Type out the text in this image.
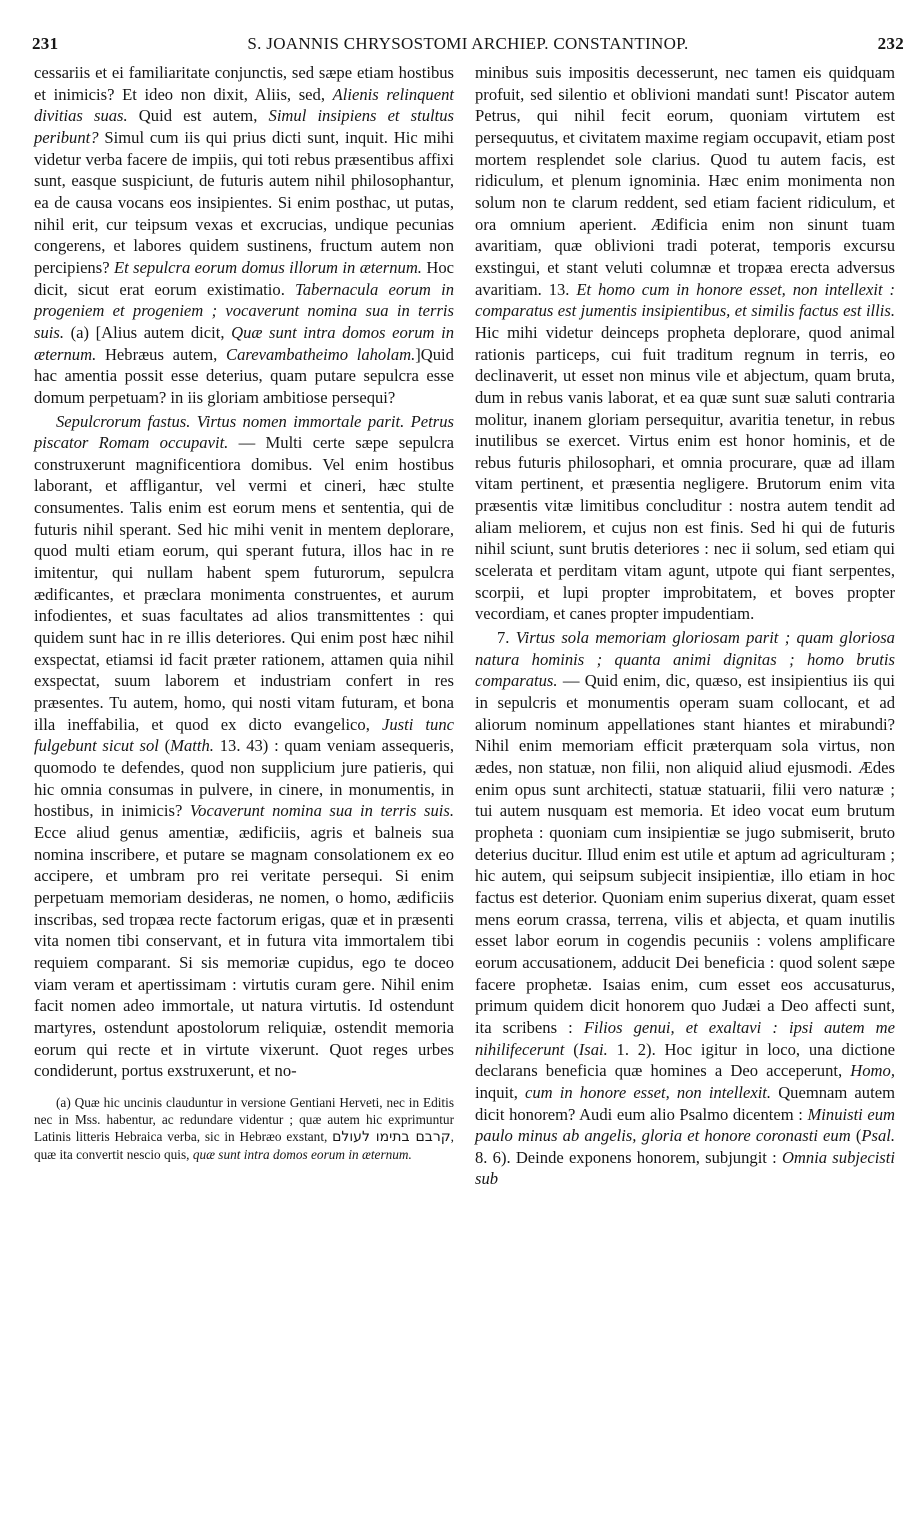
231	S. JOANNIS CHRYSOSTOMI ARCHIEP. CONSTANTINOP.	232

cessariis et ei familiaritate conjunctis, sed sæpe etiam hostibus et inimicis? Et ideo non dixit, Aliis, sed, Alienis relinquent divitias suas. Quid est autem, Simul insipiens et stultus peribunt? Simul cum iis qui prius dicti sunt, inquit. Hic mihi videtur verba facere de impiis, qui toti rebus præsentibus affixi sunt, easque suspiciunt, de futuris autem nihil philosophantur, ea de causa vocans eos insipientes. Si enim posthac, ut putas, nihil erit, cur teipsum vexas et excrucias, undique pecunias congerens, et labores quidem sustinens, fructum autem non percipiens? Et sepulcra eorum domus illorum in æternum. Hoc dicit, sicut erat eorum existimatio. Tabernacula eorum in progeniem et progeniem ; vocaverunt nomina sua in terris suis. (a) [Alius autem dicit, Quæ sunt intra domos eorum in æternum. Hebræus autem, Carevambatheimo laholam.]Quid hac amentia possit esse deterius, quam putare sepulcra esse domum perpetuam? in iis gloriam ambitiose persequi?

Sepulcrorum fastus. Virtus nomen immortale parit. Petrus piscator Romam occupavit. — Multi certe sæpe sepulcra construxerunt magnificentiora domibus. Vel enim hostibus laborant, et affligantur, vel vermi et cineri, hæc stulte consumentes. Talis enim est eorum mens et sententia, qui de futuris nihil sperant. Sed hic mihi venit in mentem deplorare, quod multi etiam eorum, qui sperant futura, illos hac in re imitentur, qui nullam habent spem futurorum, sepulcra ædificantes, et præclara monimenta construentes, et aurum infodientes, et suas facultates ad alios transmittentes : qui quidem sunt hac in re illis deteriores. Qui enim post hæc nihil exspectat, etiamsi id facit præter rationem, attamen quia nihil exspectat, suum laborem et industriam confert in res præsentes. Tu autem, homo, qui nosti vitam futuram, et bona illa ineffabilia, et quod ex dicto evangelico, Justi tunc fulgebunt sicut sol (Matth. 13. 43) : quam veniam assequeris, quomodo te defendes, quod non supplicium jure patieris, qui hic omnia consumas in pulvere, in cinere, in monumentis, in hostibus, in inimicis? Vocaverunt nomina sua in terris suis. Ecce aliud genus amentiæ, ædificiis, agris et balneis sua nomina inscribere, et putare se magnam consolationem ex eo accipere, et umbram pro rei veritate persequi. Si enim perpetuam memoriam desideras, ne nomen, o homo, ædificiis inscribas, sed tropæa recte factorum erigas, quæ et in præsenti vita nomen tibi conservant, et in futura vita immortalem tibi requiem comparant. Si sis memoriæ cupidus, ego te doceo viam veram et apertissimam : virtutis curam gere. Nihil enim facit nomen adeo immortale, ut natura virtutis. Id ostendunt martyres, ostendunt apostolorum reliquiæ, ostendit memoria eorum qui recte et in virtute vixerunt. Quot reges urbes condiderunt, portus exstruxerunt, et no-

(a) Quæ hic uncinis clauduntur in versione Gentiani Herveti, nec in Editis nec in Mss. habentur, ac redundare videntur ; quæ autem hic exprimuntur Latinis litteris Hebraica verba, sic in Hebræo exstant, קרבם בתימו לעולם, quæ ita convertit nescio quis, quæ sunt intra domos eorum in æternum.

minibus suis impositis decesserunt, nec tamen eis quidquam profuit, sed silentio et oblivioni mandati sunt! Piscator autem Petrus, qui nihil fecit eorum, quoniam virtutem est persequutus, et civitatem maxime regiam occupavit, etiam post mortem resplendet sole clarius. Quod tu autem facis, est ridiculum, et plenum ignominia. Hæc enim monimenta non solum non te clarum reddent, sed etiam facient ridiculum, et ora omnium aperient. Ædificia enim non sinunt tuam avaritiam, quæ oblivioni tradi poterat, temporis excursu exstingui, et stant veluti columnæ et tropæa erecta adversus avaritiam. 13. Et homo cum in honore esset, non intellexit : comparatus est jumentis insipientibus, et similis factus est illis. Hic mihi videtur deinceps propheta deplorare, quod animal rationis particeps, cui fuit traditum regnum in terris, eo declinaverit, ut esset non minus vile et abjectum, quam bruta, dum in rebus vanis laborat, et ea quæ sunt suæ saluti contraria molitur, inanem gloriam persequitur, avaritia tenetur, in rebus inutilibus se exercet. Virtus enim est honor hominis, et de rebus futuris philosophari, et omnia procurare, quæ ad illam vitam pertinent, et præsentia negligere. Brutorum enim vita præsentis vitæ limitibus concluditur : nostra autem tendit ad aliam meliorem, et cujus non est finis. Sed hi qui de futuris nihil sciunt, sunt brutis deteriores : nec ii solum, sed etiam qui scelerata et perditam vitam agunt, utpote qui fiant serpentes, scorpii, et lupi propter improbitatem, et boves propter vecordiam, et canes propter impudentiam.

7. Virtus sola memoriam gloriosam parit ; quam gloriosa natura hominis ; quanta animi dignitas ; homo brutis comparatus. — Quid enim, dic, quæso, est insipientius iis qui in sepulcris et monumentis operam suam collocant, et ad aliorum nominum appellationes stant hiantes et mirabundi? Nihil enim memoriam efficit præterquam sola virtus, non ædes, non statuæ, non filii, non aliquid aliud ejusmodi. Ædes enim opus sunt architecti, statuæ statuarii, filii vero naturæ ; tui autem nusquam est memoria. Et ideo vocat eum brutum propheta : quoniam cum insipientiæ se jugo submiserit, bruto deterius ducitur. Illud enim est utile et aptum ad agriculturam ; hic autem, qui seipsum subjecit insipientiæ, illo etiam in hoc factus est deterior. Quoniam enim superius dixerat, quam esset mens eorum crassa, terrena, vilis et abjecta, et quam inutilis esset labor eorum in cogendis pecuniis : volens amplificare eorum accusationem, adducit Dei beneficia : quod solent sæpe facere prophetæ. Isaias enim, cum esset eos accusaturus, primum quidem dicit honorem quo Judæi a Deo affecti sunt, ita scribens : Filios genui, et exaltavi : ipsi autem me nihilifecerunt (Isai. 1. 2). Hoc igitur in loco, una dictione declarans beneficia quæ homines a Deo acceperunt, Homo, inquit, cum in honore esset, non intellexit. Quemnam autem dicit honorem? Audi eum alio Psalmo dicentem : Minuisti eum paulo minus ab angelis, gloria et honore coronasti eum (Psal. 8. 6). Deinde exponens honorem, subjungit : Omnia subjecisti sub
